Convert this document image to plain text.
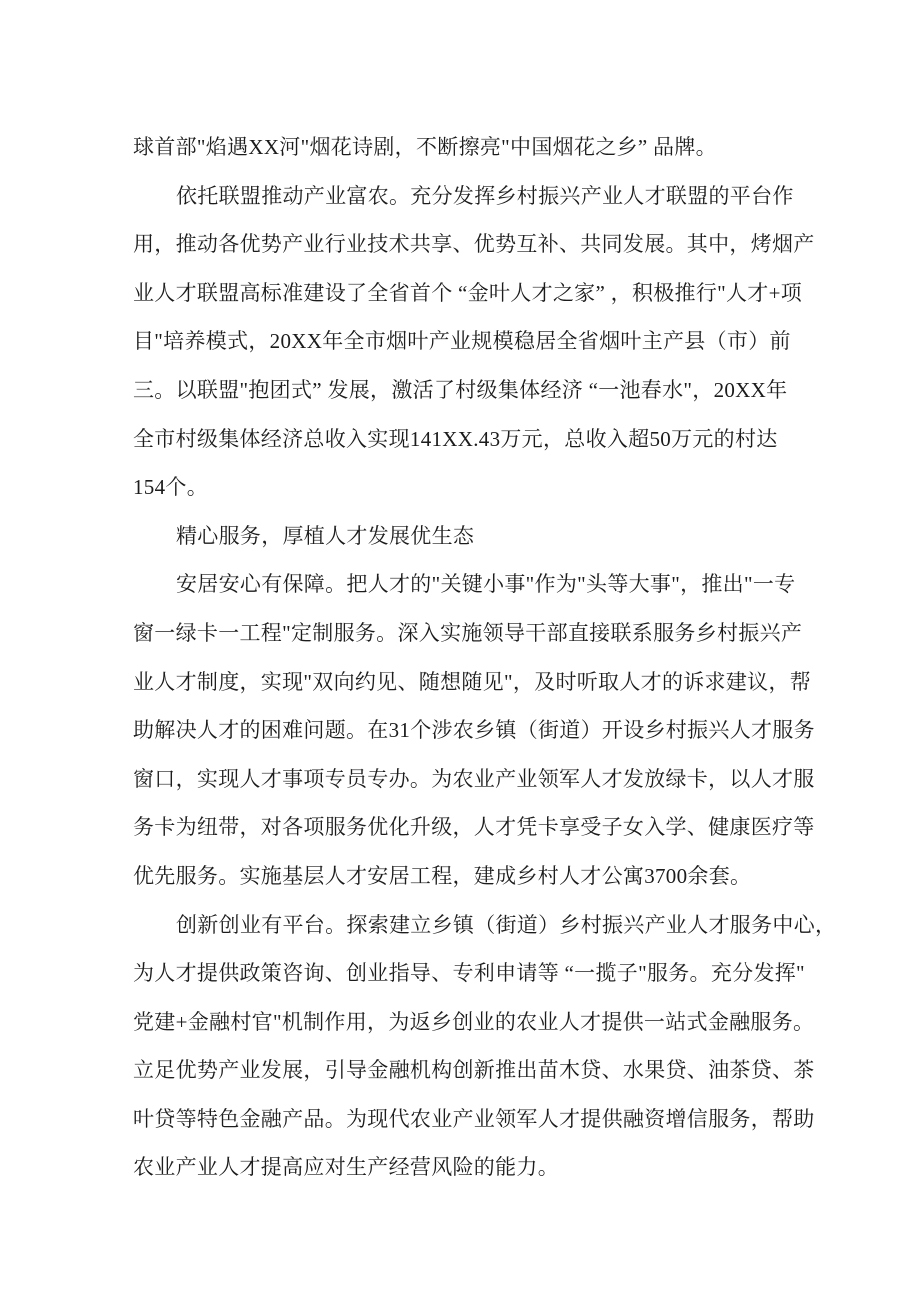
球首部"焰遇XX河"烟花诗剧，不断擦亮"中国烟花之乡” 品牌。
依托联盟推动产业富农。充分发挥乡村振兴产业人才联盟的平台作
用，推动各优势产业行业技术共享、优势互补、共同发展。其中，烤烟产
业人才联盟高标准建设了全省首个 “金叶人才之家” ，积极推行"人才+项
目"培养模式，20XX年全市烟叶产业规模稳居全省烟叶主产县（市）前
三。以联盟"抱团式” 发展，激活了村级集体经济 “一池春水"，20XX年
全市村级集体经济总收入实现141XX.43万元，总收入超50万元的村达
154个。
精心服务，厚植人才发展优生态
安居安心有保障。把人才的"关键小事"作为"头等大事"，推出"一专
窗一绿卡一工程"定制服务。深入实施领导干部直接联系服务乡村振兴产
业人才制度，实现"双向约见、随想随见"，及时听取人才的诉求建议，帮
助解决人才的困难问题。在31个涉农乡镇（街道）开设乡村振兴人才服务
窗口，实现人才事项专员专办。为农业产业领军人才发放绿卡，以人才服
务卡为纽带，对各项服务优化升级，人才凭卡享受子女入学、健康医疗等
优先服务。实施基层人才安居工程，建成乡村人才公寓3700余套。
创新创业有平台。探索建立乡镇（街道）乡村振兴产业人才服务中心，
为人才提供政策咨询、创业指导、专利申请等 “一揽子"服务。充分发挥"
党建+金融村官"机制作用，为返乡创业的农业人才提供一站式金融服务。
立足优势产业发展，引导金融机构创新推出苗木贷、水果贷、油茶贷、茶
叶贷等特色金融产品。为现代农业产业领军人才提供融资增信服务，帮助
农业产业人才提高应对生产经营风险的能力。
